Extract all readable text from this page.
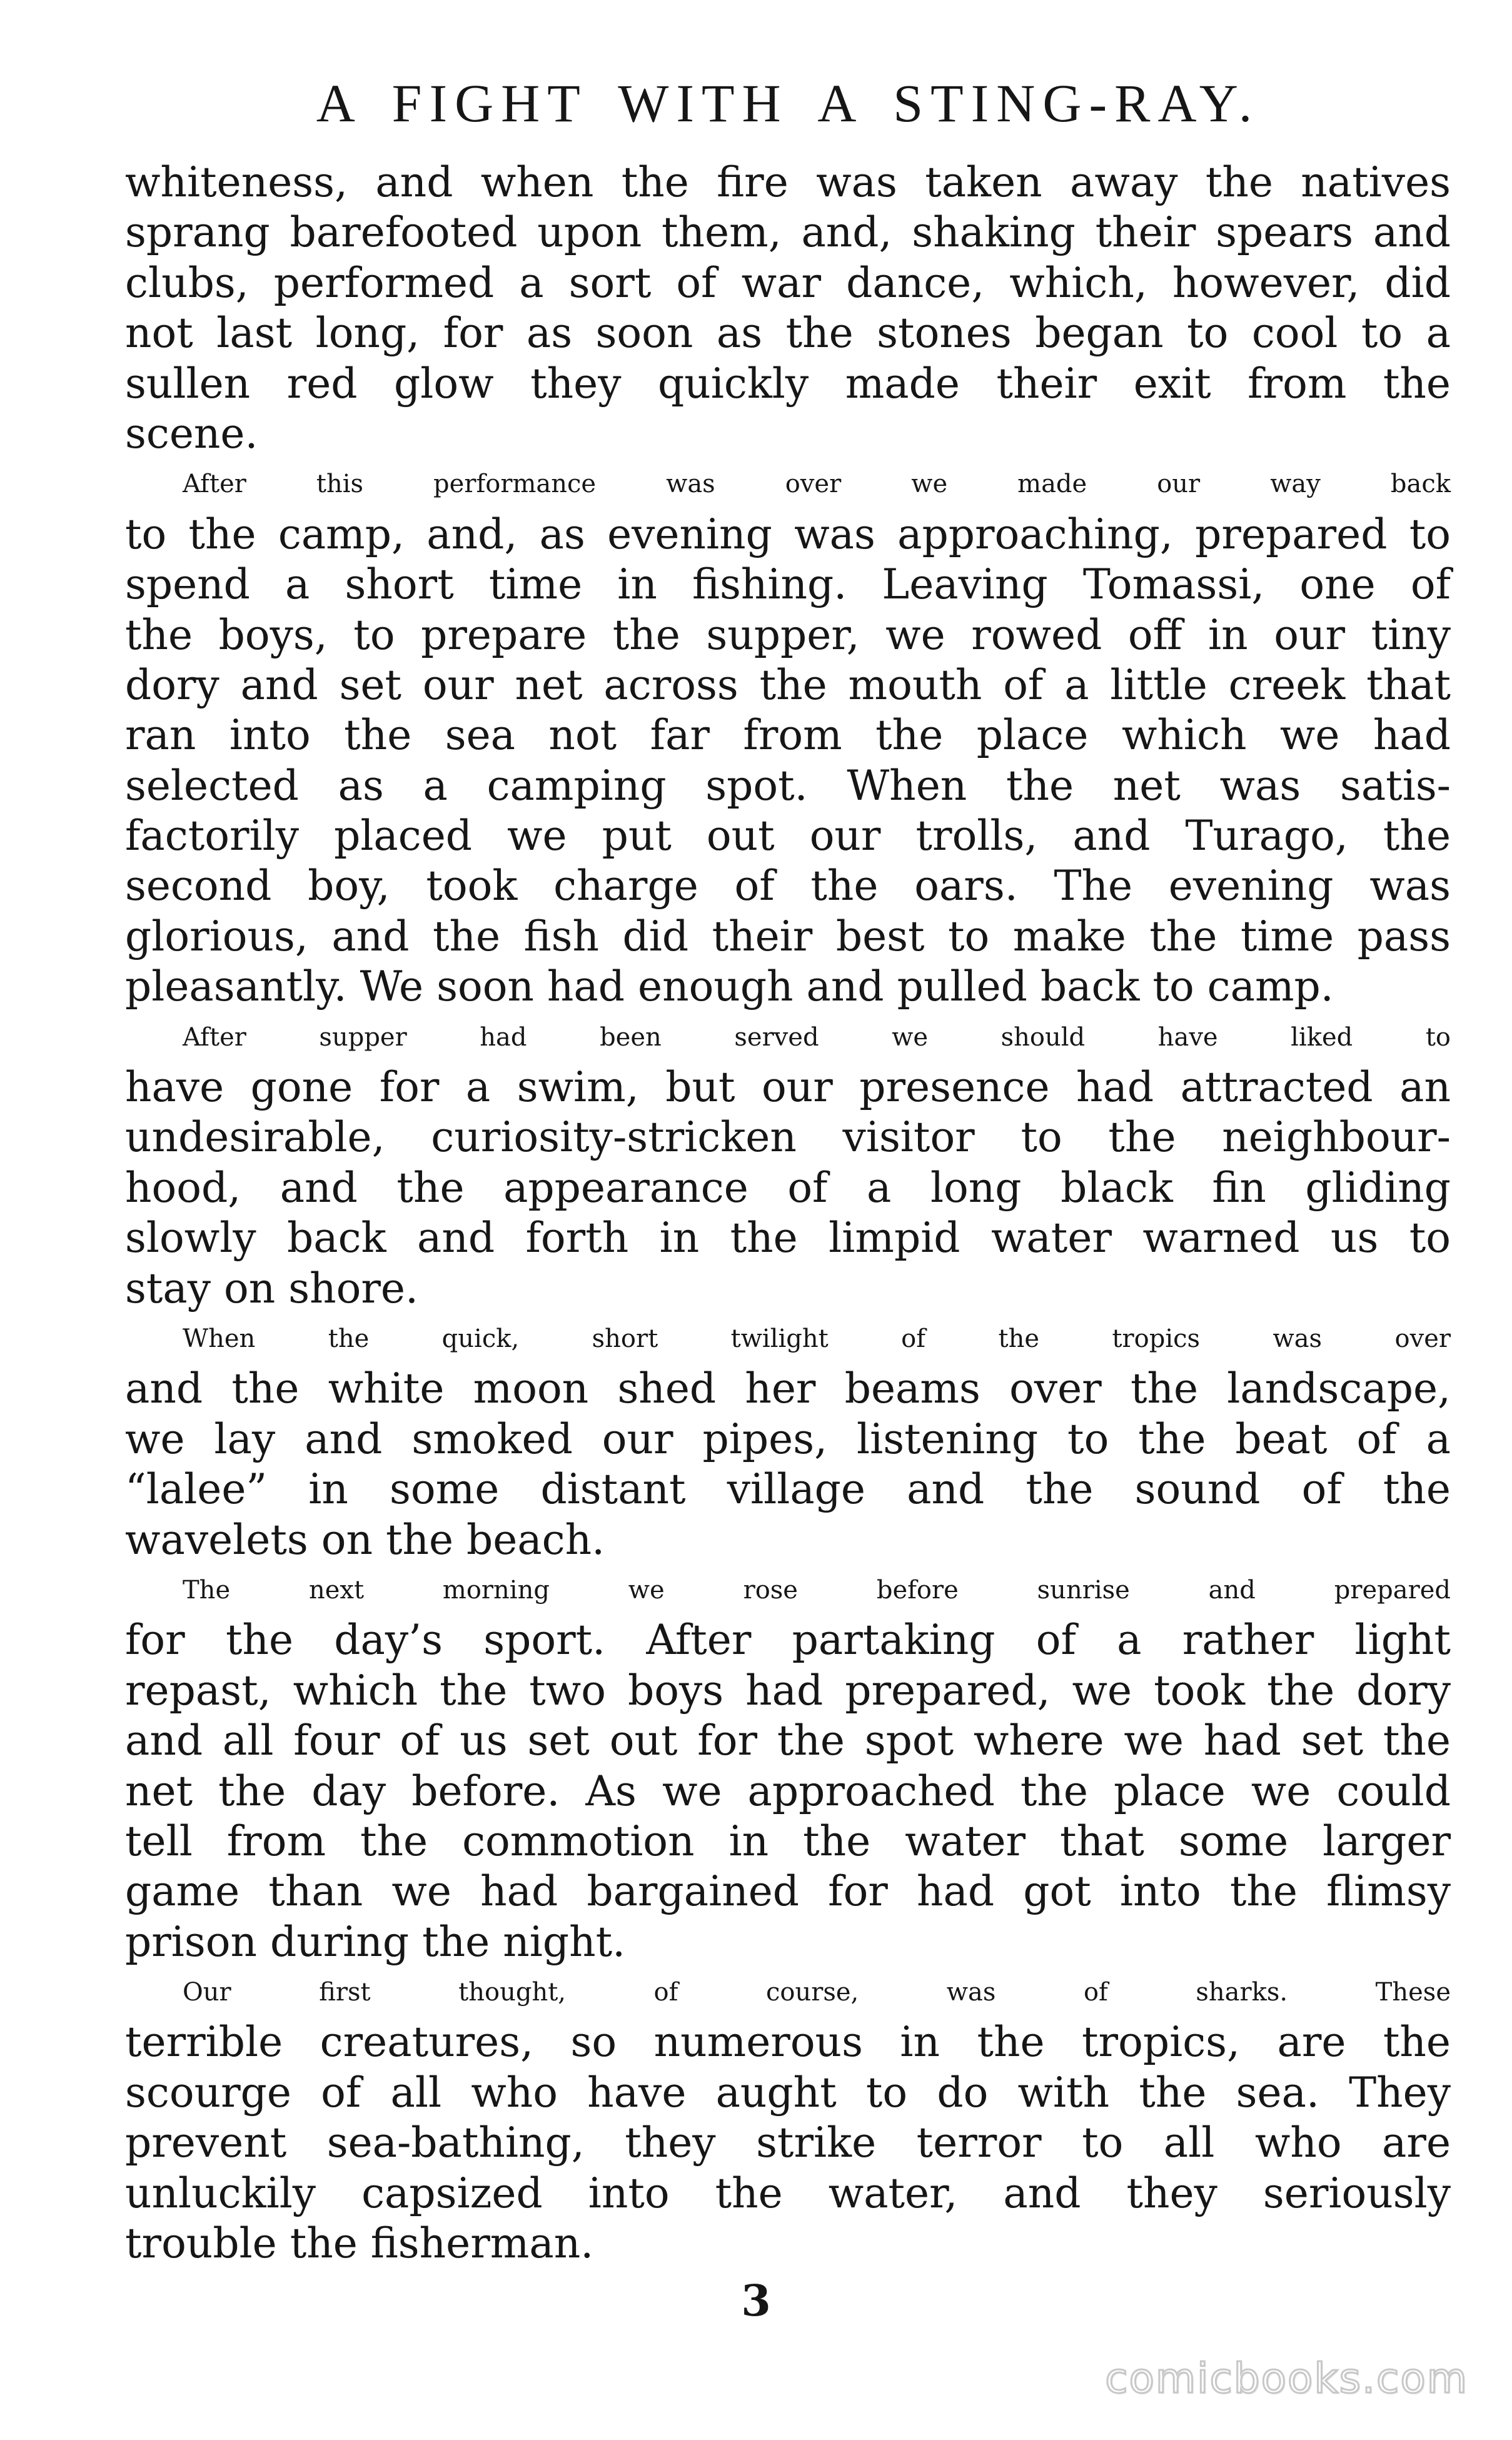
A FIGHT WITH A STING-RAY.

whiteness, and when the fire was taken away the natives
sprang barefooted upon them, and, shaking their spears and
clubs, performed a sort of war dance, which, however, did
not last long, for as soon as the stones began to cool to a
sullen red glow they quickly made their exit from the
scene.

After this performance was over we made our way back
to the camp, and, as evening was approaching, prepared to
spend a short time in fishing. Leaving Tomassi, one of
the boys, to prepare the supper, we rowed off in our tiny
dory and set our net across the mouth of a little creek that
ran into the sea not far from the place which we had
selected as a camping spot. When the net was satis-
factorily placed we put out our trolls, and Turago, the
second boy, took charge of the oars. The evening was
glorious, and the fish did their best to make the time pass
pleasantly. We soon had enough and pulled back to camp.

After supper had been served we should have liked to
have gone for a swim, but our presence had attracted an
undesirable, curiosity-stricken visitor to the neighbour-
hood, and the appearance of a long black fin gliding
slowly back and forth in the limpid water warned us to
stay on shore.

When the quick, short twilight of the tropics was over
and the white moon shed her beams over the landscape,
we lay and smoked our pipes, listening to the beat of a
“lalee” in some distant village and the sound of the
wavelets on the beach.

The next morning we rose before sunrise and prepared
for the day’s sport. After partaking of a rather light
repast, which the two boys had prepared, we took the dory
and all four of us set out for the spot where we had set the
net the day before. As we approached the place we could
tell from the commotion in the water that some larger
game than we had bargained for had got into the flimsy
prison during the night.

Our first thought, of course, was of sharks. These
terrible creatures, so numerous in the tropics, are the
scourge of all who have aught to do with the sea. They
prevent sea-bathing, they strike terror to all who are
unluckily capsized into the water, and they seriously
trouble the fisherman.

3
comicbooks.com
